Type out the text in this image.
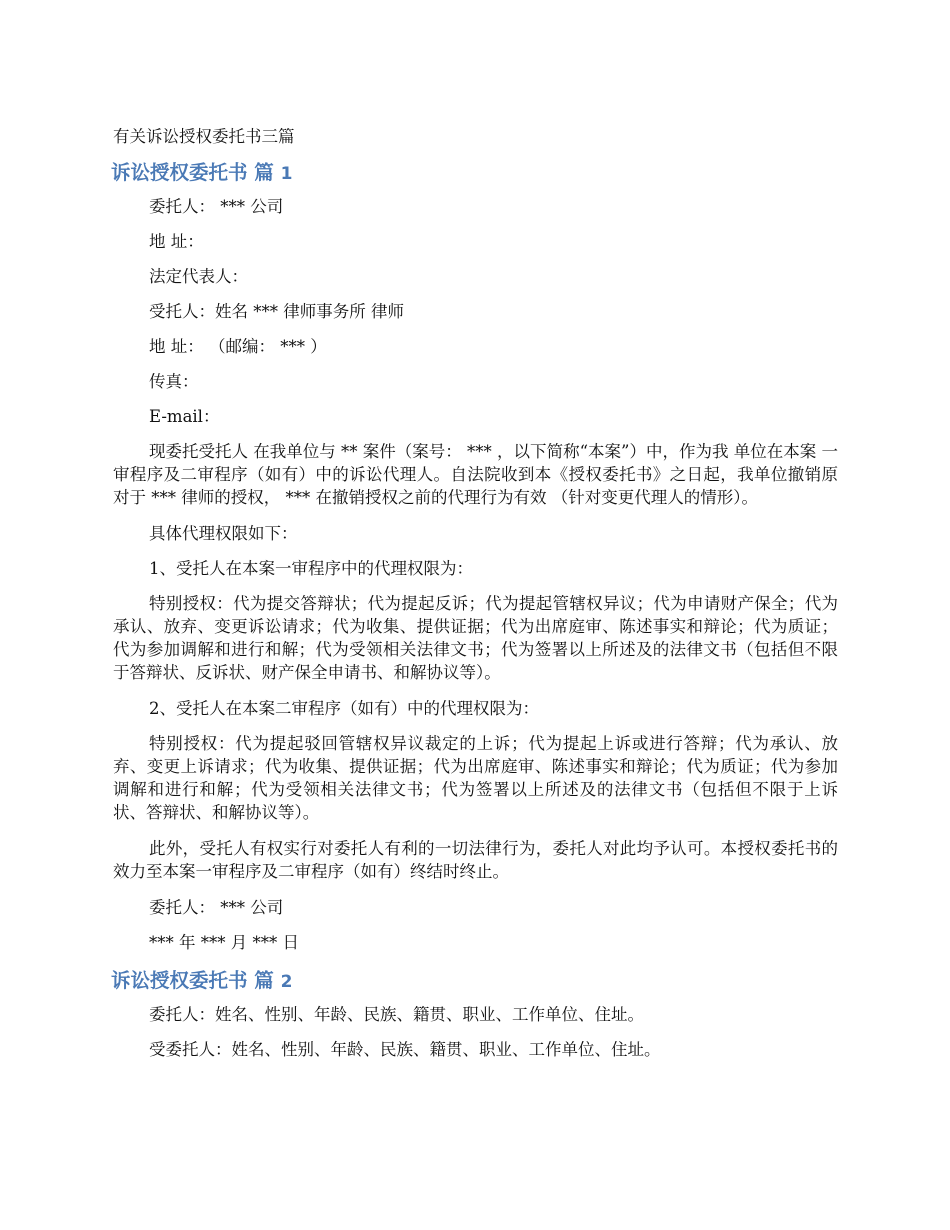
有关诉讼授权委托书三篇
诉讼授权委托书 篇 1
委托人： *** 公司
地 址：
法定代表人：
受托人：姓名 *** 律师事务所 律师
地 址： （邮编： *** ）
传真：
E-mail：
现委托受托人 在我单位与 ** 案件（案号： *** ，以下简称“本案”）中，作为我 单位在本案 一审程序及二审程序（如有）中的诉讼代理人。自法院收到本《授权委托书》之日起，我单位撤销原对于 *** 律师的授权， *** 在撤销授权之前的代理行为有效 （针对变更代理人的情形）。
具体代理权限如下：
1、受托人在本案一审程序中的代理权限为：
特别授权：代为提交答辩状；代为提起反诉；代为提起管辖权异议；代为申请财产保全；代为承认、放弃、变更诉讼请求；代为收集、提供证据；代为出席庭审、陈述事实和辩论；代为质证；代为参加调解和进行和解；代为受领相关法律文书；代为签署以上所述及的法律文书（包括但不限于答辩状、反诉状、财产保全申请书、和解协议等）。
2、受托人在本案二审程序（如有）中的代理权限为：
特别授权：代为提起驳回管辖权异议裁定的上诉；代为提起上诉或进行答辩；代为承认、放弃、变更上诉请求；代为收集、提供证据；代为出席庭审、陈述事实和辩论；代为质证；代为参加调解和进行和解；代为受领相关法律文书；代为签署以上所述及的法律文书（包括但不限于上诉状、答辩状、和解协议等）。
此外，受托人有权实行对委托人有利的一切法律行为，委托人对此均予认可。本授权委托书的效力至本案一审程序及二审程序（如有）终结时终止。
委托人： *** 公司
*** 年 *** 月 *** 日
诉讼授权委托书 篇 2
委托人：姓名、性别、年龄、民族、籍贯、职业、工作单位、住址。
受委托人：姓名、性别、年龄、民族、籍贯、职业、工作单位、住址。
